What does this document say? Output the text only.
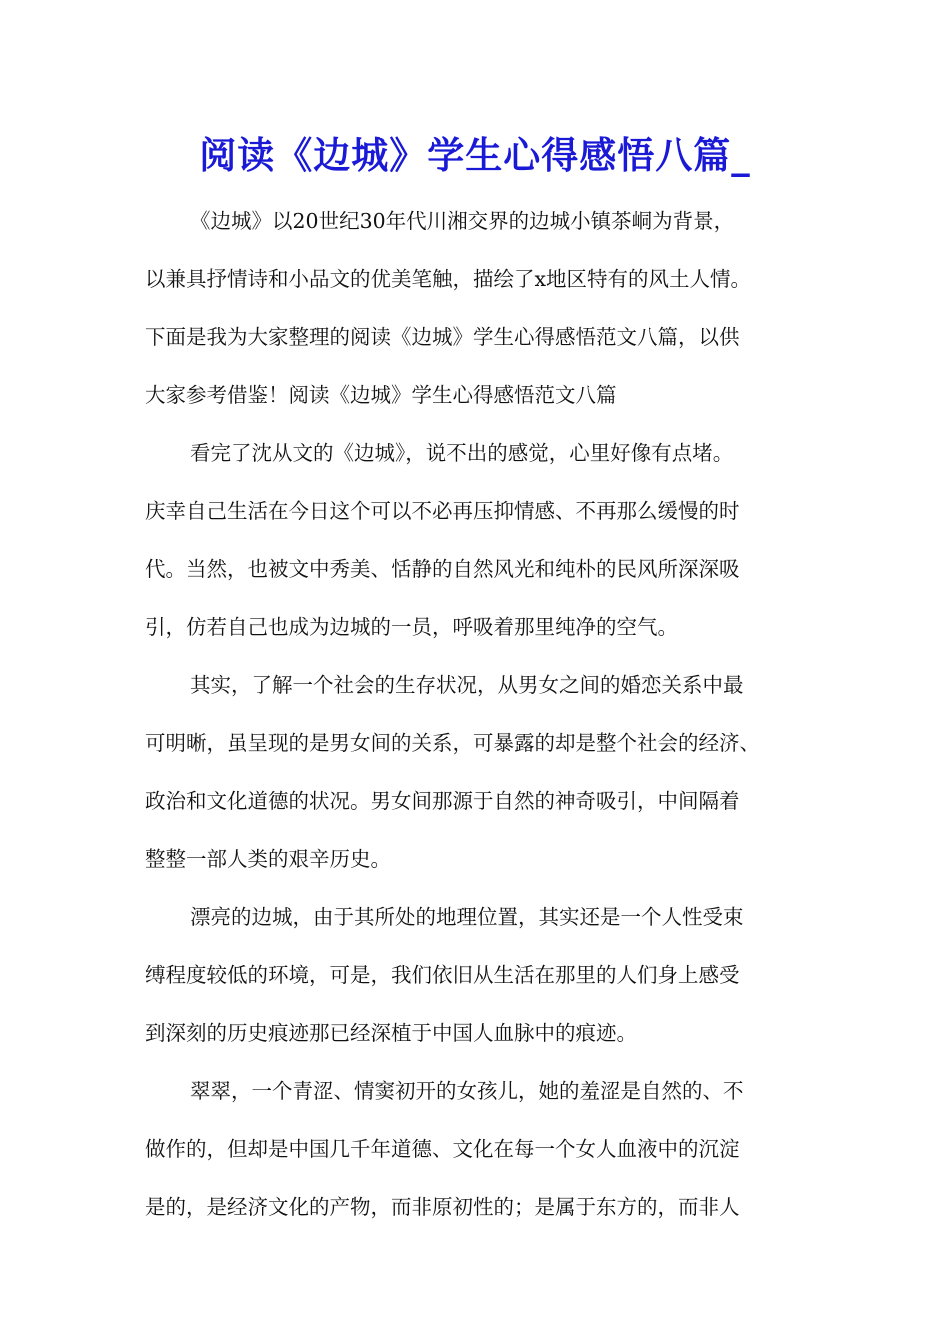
阅读《边城》学生心得感悟八篇_
《边城》以20世纪30年代川湘交界的边城小镇茶峒为背景，
以兼具抒情诗和小品文的优美笔触，描绘了x地区特有的风土人情。
下面是我为大家整理的阅读《边城》学生心得感悟范文八篇，以供
大家参考借鉴！阅读《边城》学生心得感悟范文八篇
看完了沈从文的《边城》，说不出的感觉，心里好像有点堵。
庆幸自己生活在今日这个可以不必再压抑情感、不再那么缓慢的时
代。当然，也被文中秀美、恬静的自然风光和纯朴的民风所深深吸
引，仿若自己也成为边城的一员，呼吸着那里纯净的空气。
其实，了解一个社会的生存状况，从男女之间的婚恋关系中最
可明晰，虽呈现的是男女间的关系，可暴露的却是整个社会的经济、
政治和文化道德的状况。男女间那源于自然的神奇吸引，中间隔着
整整一部人类的艰辛历史。
漂亮的边城，由于其所处的地理位置，其实还是一个人性受束
缚程度较低的环境，可是，我们依旧从生活在那里的人们身上感受
到深刻的历史痕迹那已经深植于中国人血脉中的痕迹。
翠翠，一个青涩、情窦初开的女孩儿，她的羞涩是自然的、不
做作的，但却是中国几千年道德、文化在每一个女人血液中的沉淀
是的，是经济文化的产物，而非原初性的；是属于东方的，而非人
